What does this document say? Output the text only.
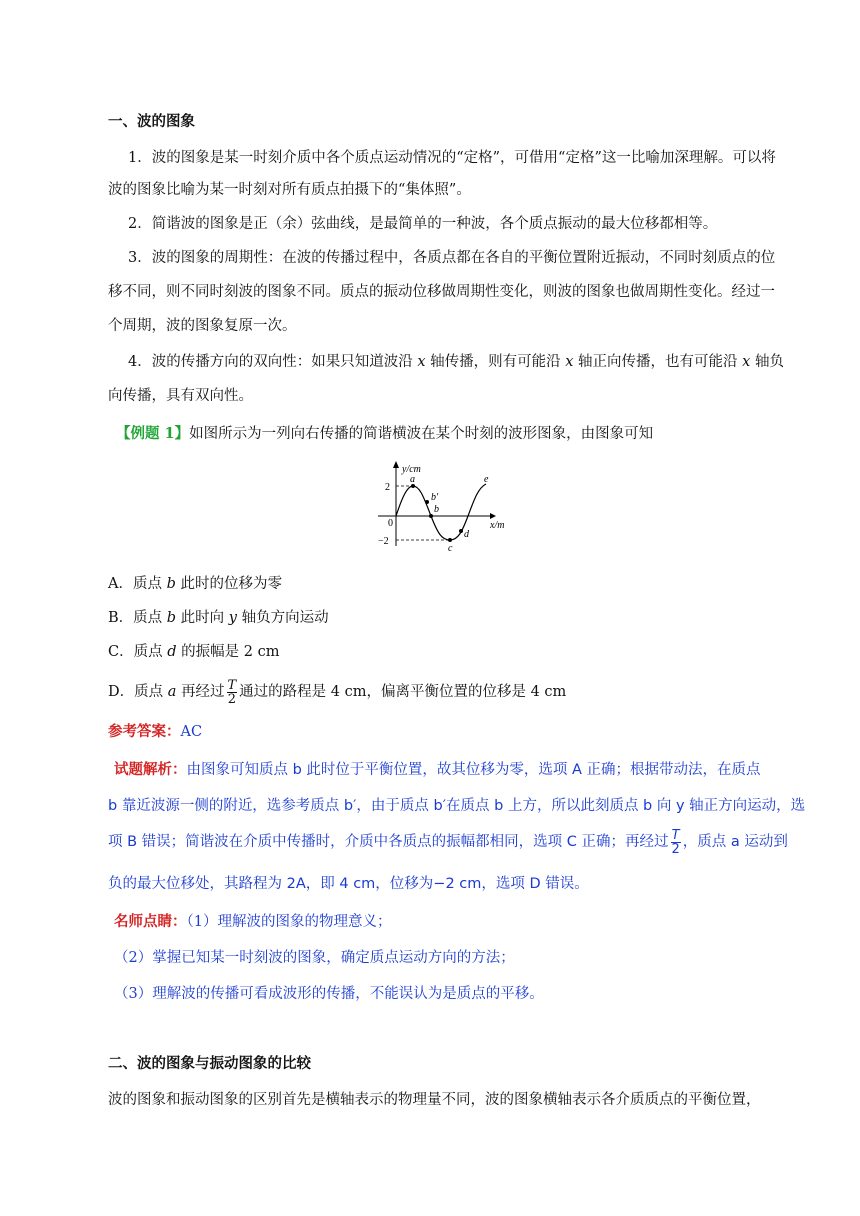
一、波的图象
1．波的图象是某一时刻介质中各个质点运动情况的“定格”，可借用“定格”这一比喻加深理解。可以将
波的图象比喻为某一时刻对所有质点拍摄下的“集体照”。
2．简谐波的图象是正（余）弦曲线，是最简单的一种波，各个质点振动的最大位移都相等。
3．波的图象的周期性：在波的传播过程中，各质点都在各自的平衡位置附近振动，不同时刻质点的位
移不同，则不同时刻波的图象不同。质点的振动位移做周期性变化，则波的图象也做周期性变化。经过一
个周期，波的图象复原一次。
4．波的传播方向的双向性：如果只知道波沿 x 轴传播，则有可能沿 x 轴正向传播，也有可能沿 x 轴负
向传播，具有双向性。
【例题 1】如图所示为一列向右传播的简谐横波在某个时刻的波形图象，由图象可知
y/cm
x/m
2
−2
0
a
b′
b
c
d
e
A．质点 b 此时的位移为零
B．质点 b 此时向 y 轴负方向运动
C．质点 d 的振幅是 2 cm
D．质点 a 再经过 $\frac{T}{2}$ 通过的路程是 4 cm，偏离平衡位置的位移是 4 cm
参考答案：AC
试题解析：由图象可知质点 b 此时位于平衡位置，故其位移为零，选项 A 正确；根据带动法，在质点
b 靠近波源一侧的附近，选参考质点 b′，由于质点 b′在质点 b 上方，所以此刻质点 b 向 y 轴正方向运动，选
项 B 错误；简谐波在介质中传播时，介质中各质点的振幅都相同，选项 C 正确；再经过 $\frac{T}{2}$ ，质点 a 运动到
负的最大位移处，其路程为 2A，即 4 cm，位移为−2 cm，选项 D 错误。
名师点睛：（1）理解波的图象的物理意义；
（2）掌握已知某一时刻波的图象，确定质点运动方向的方法；
（3）理解波的传播可看成波形的传播，不能误认为是质点的平移。
二、波的图象与振动图象的比较
波的图象和振动图象的区别首先是横轴表示的物理量不同，波的图象横轴表示各介质质点的平衡位置，
